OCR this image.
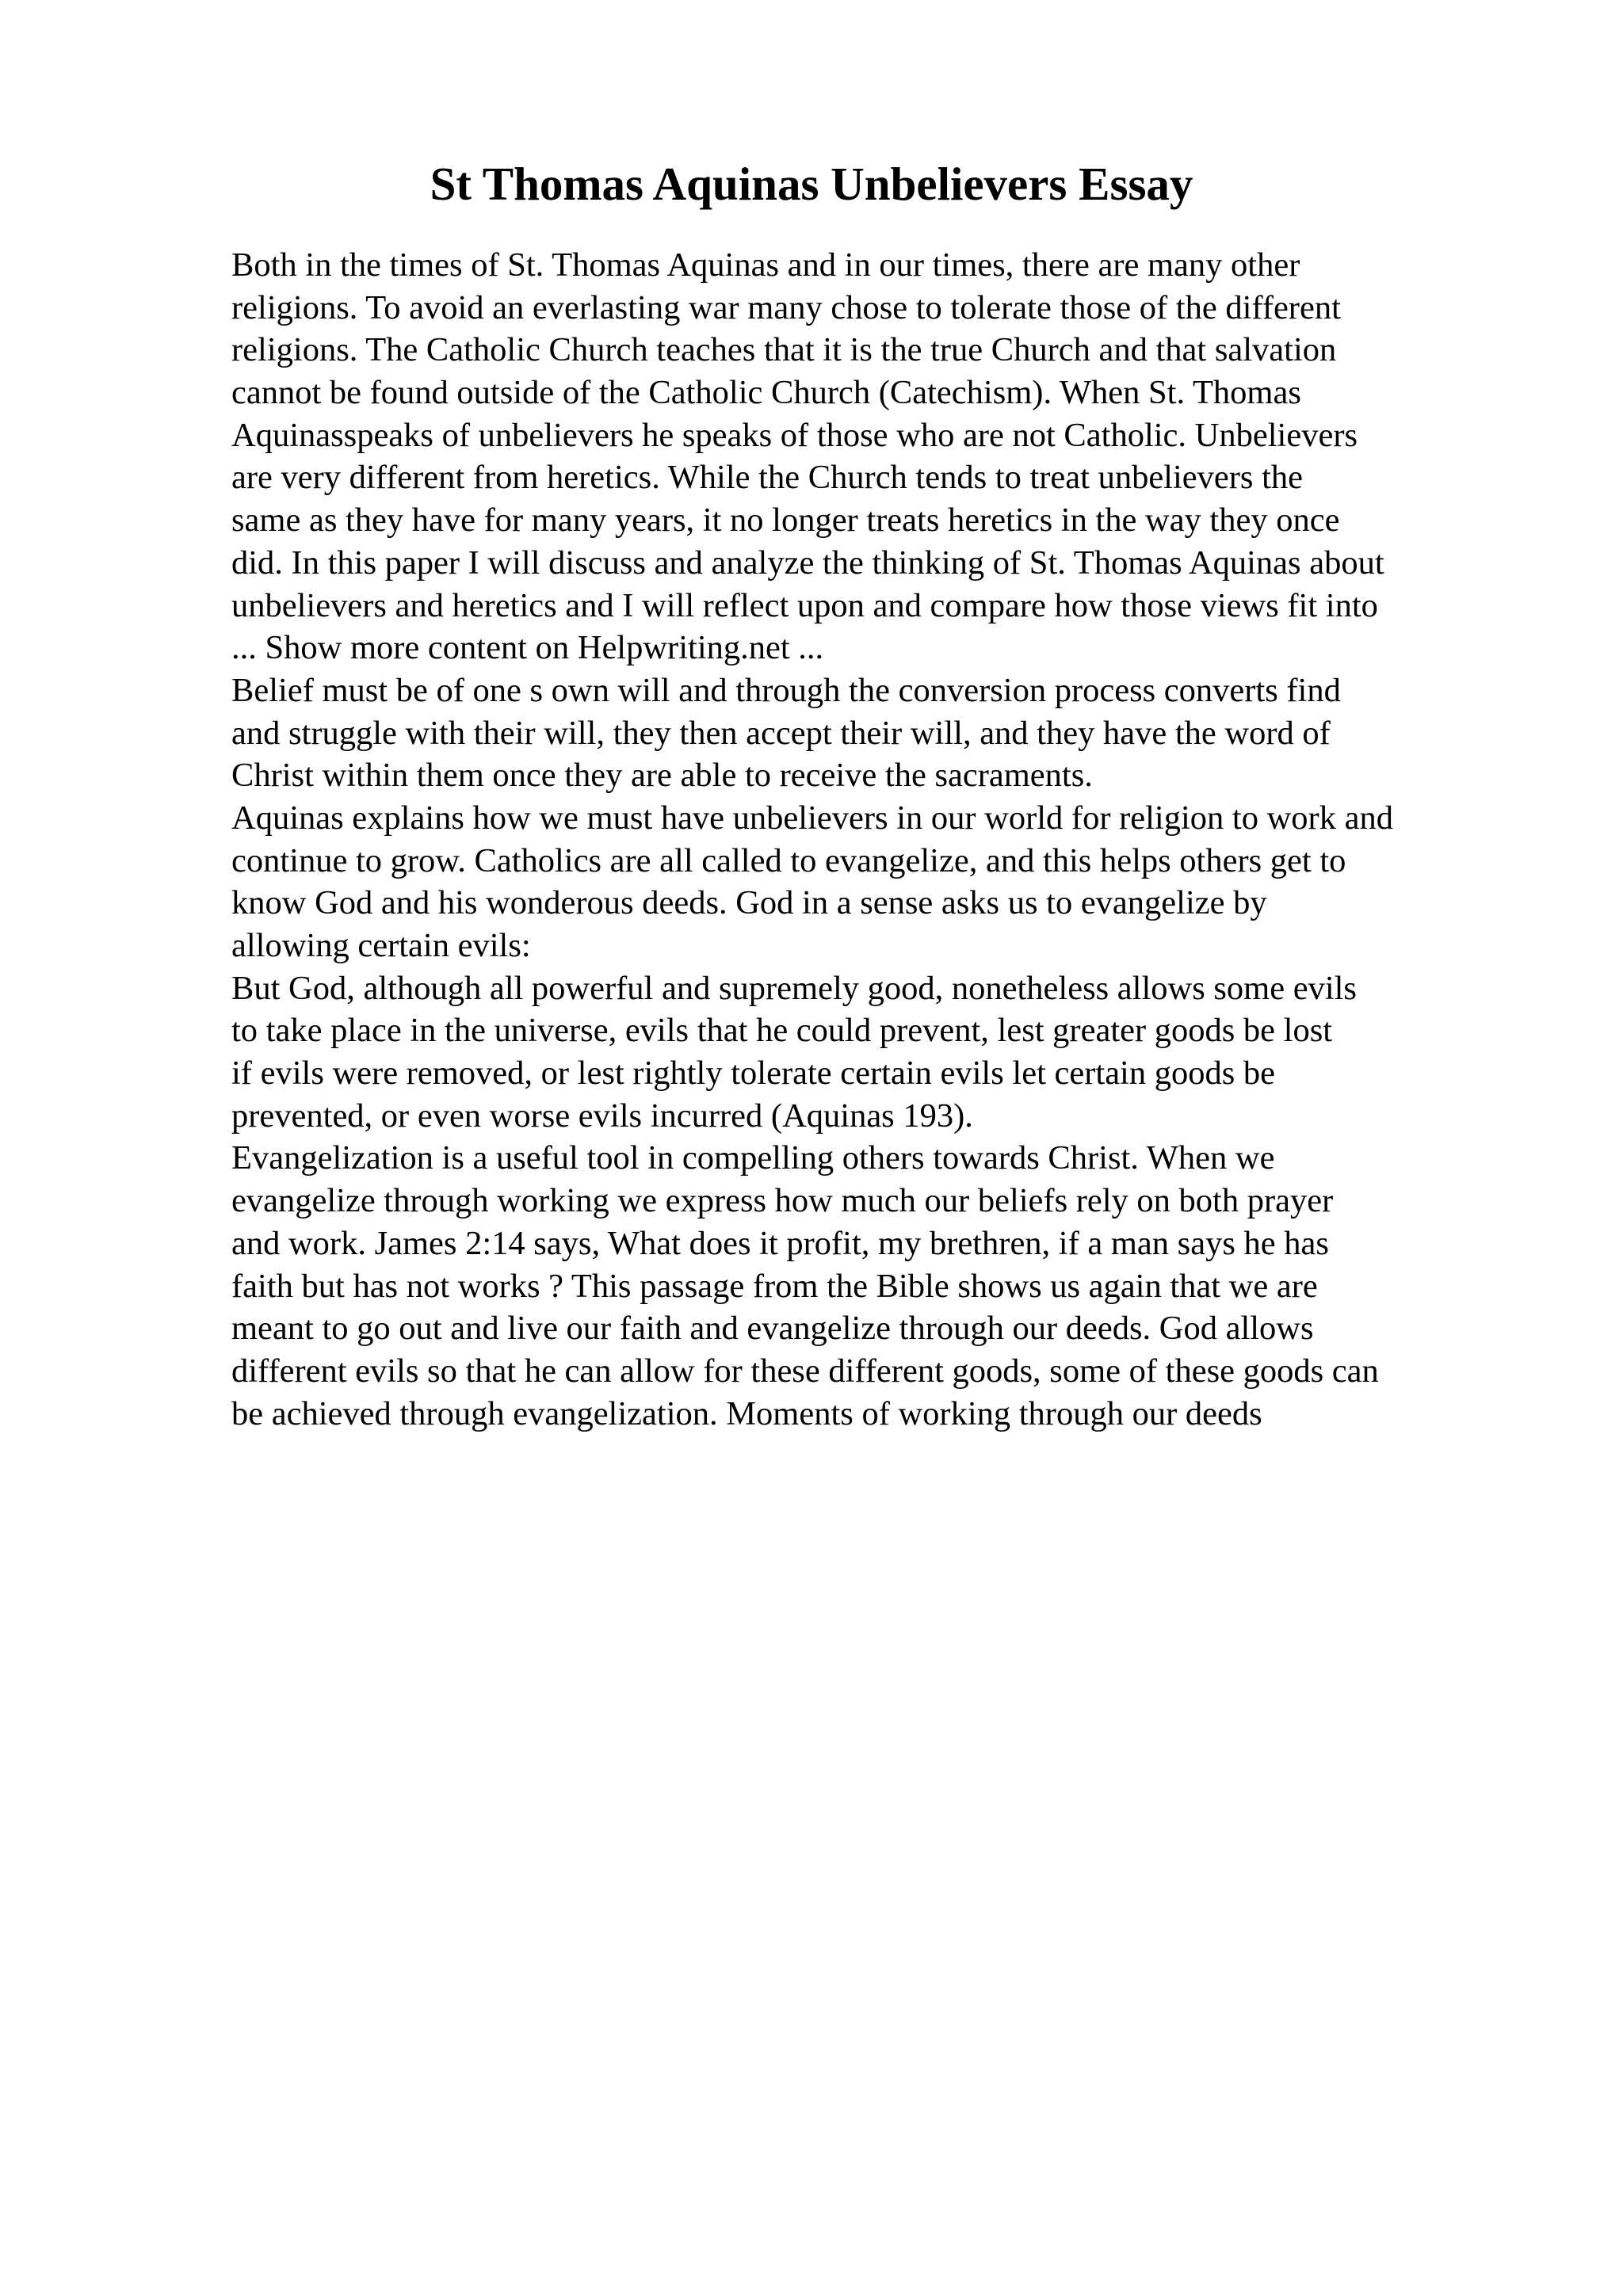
St Thomas Aquinas Unbelievers Essay
Both in the times of St. Thomas Aquinas and in our times, there are many other
religions. To avoid an everlasting war many chose to tolerate those of the different
religions. The Catholic Church teaches that it is the true Church and that salvation
cannot be found outside of the Catholic Church (Catechism). When St. Thomas
Aquinasspeaks of unbelievers he speaks of those who are not Catholic. Unbelievers
are very different from heretics. While the Church tends to treat unbelievers the
same as they have for many years, it no longer treats heretics in the way they once
did. In this paper I will discuss and analyze the thinking of St. Thomas Aquinas about
unbelievers and heretics and I will reflect upon and compare how those views fit into
... Show more content on Helpwriting.net ...
Belief must be of one s own will and through the conversion process converts find
and struggle with their will, they then accept their will, and they have the word of
Christ within them once they are able to receive the sacraments.
Aquinas explains how we must have unbelievers in our world for religion to work and
continue to grow. Catholics are all called to evangelize, and this helps others get to
know God and his wonderous deeds. God in a sense asks us to evangelize by
allowing certain evils:
But God, although all powerful and supremely good, nonetheless allows some evils
to take place in the universe, evils that he could prevent, lest greater goods be lost
if evils were removed, or lest rightly tolerate certain evils let certain goods be
prevented, or even worse evils incurred (Aquinas 193).
Evangelization is a useful tool in compelling others towards Christ. When we
evangelize through working we express how much our beliefs rely on both prayer
and work. James 2:14 says, What does it profit, my brethren, if a man says he has
faith but has not works ? This passage from the Bible shows us again that we are
meant to go out and live our faith and evangelize through our deeds. God allows
different evils so that he can allow for these different goods, some of these goods can
be achieved through evangelization. Moments of working through our deeds
